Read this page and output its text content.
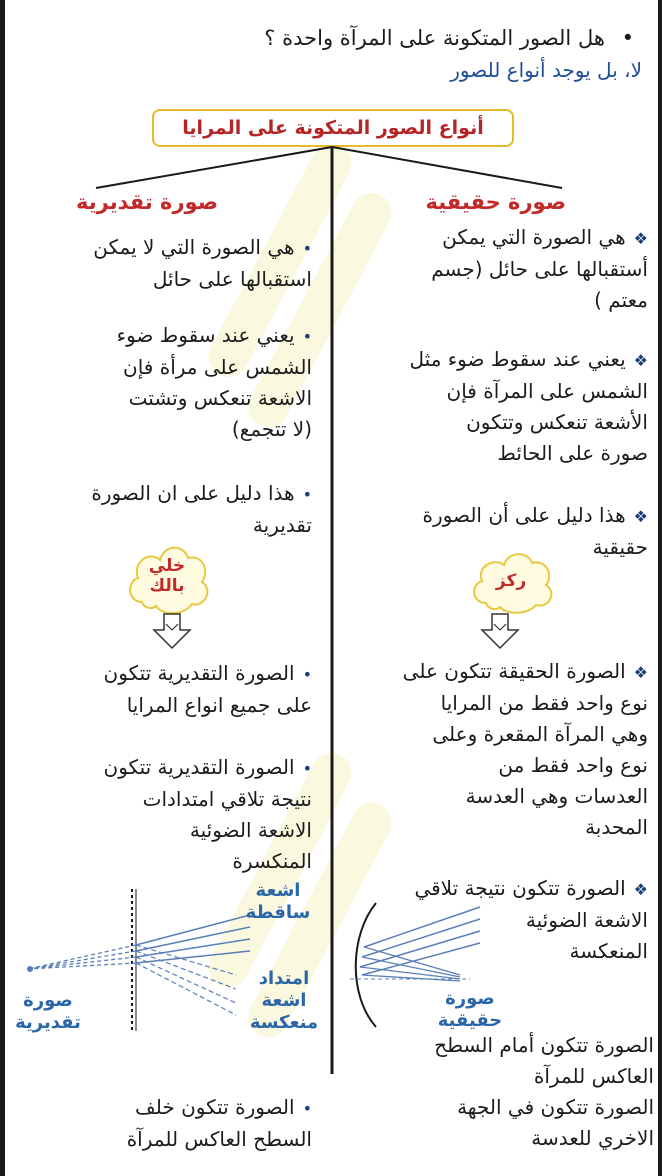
• هل الصور المتكونة على المرآة واحدة ؟
لا، بل يوجد أنواع للصور
أنواع الصور المتكونة على المرايا
صورة حقيقية
صورة تقديرية
❖هي الصورة التي يمكن
أستقبالها على حائل (جسم
معتم )
❖يعني عند سقوط ضوء مثل
الشمس على المرآة فإن
الأشعة تنعكس وتتكون
صورة على الحائط
❖هذا دليل على أن الصورة
حقيقية
❖الصورة الحقيقة تتكون على
نوع واحد فقط من المرايا
وهي المرآة المقعرة وعلى
نوع واحد فقط من
العدسات وهي العدسة
المحدبة
❖الصورة تتكون نتيجة تلاقي
الاشعة الضوئية
المنعكسة
•هي الصورة التي لا يمكن
استقبالها على حائل
•يعني عند سقوط ضوء
الشمس على مرأة فإن
الاشعة تنعكس وتشتت
(لا تتجمع)
•هذا دليل على ان الصورة
تقديرية
•الصورة التقديرية تتكون
على جميع انواع المرايا
•الصورة التقديرية تتكون
نتيجة تلاقي امتدادات
الاشعة الضوئية
المنكسرة
ركز
خلي
بالك
صورة حقيقية
اشعة
ساقطة
امتداد
اشعة
منعكسة
صورة
تقديرية
الصورة تتكون أمام السطح
العاكس للمرآة
الصورة تتكون في الجهة
الاخري للعدسة
•الصورة تتكون خلف
السطح العاكس للمرآة
